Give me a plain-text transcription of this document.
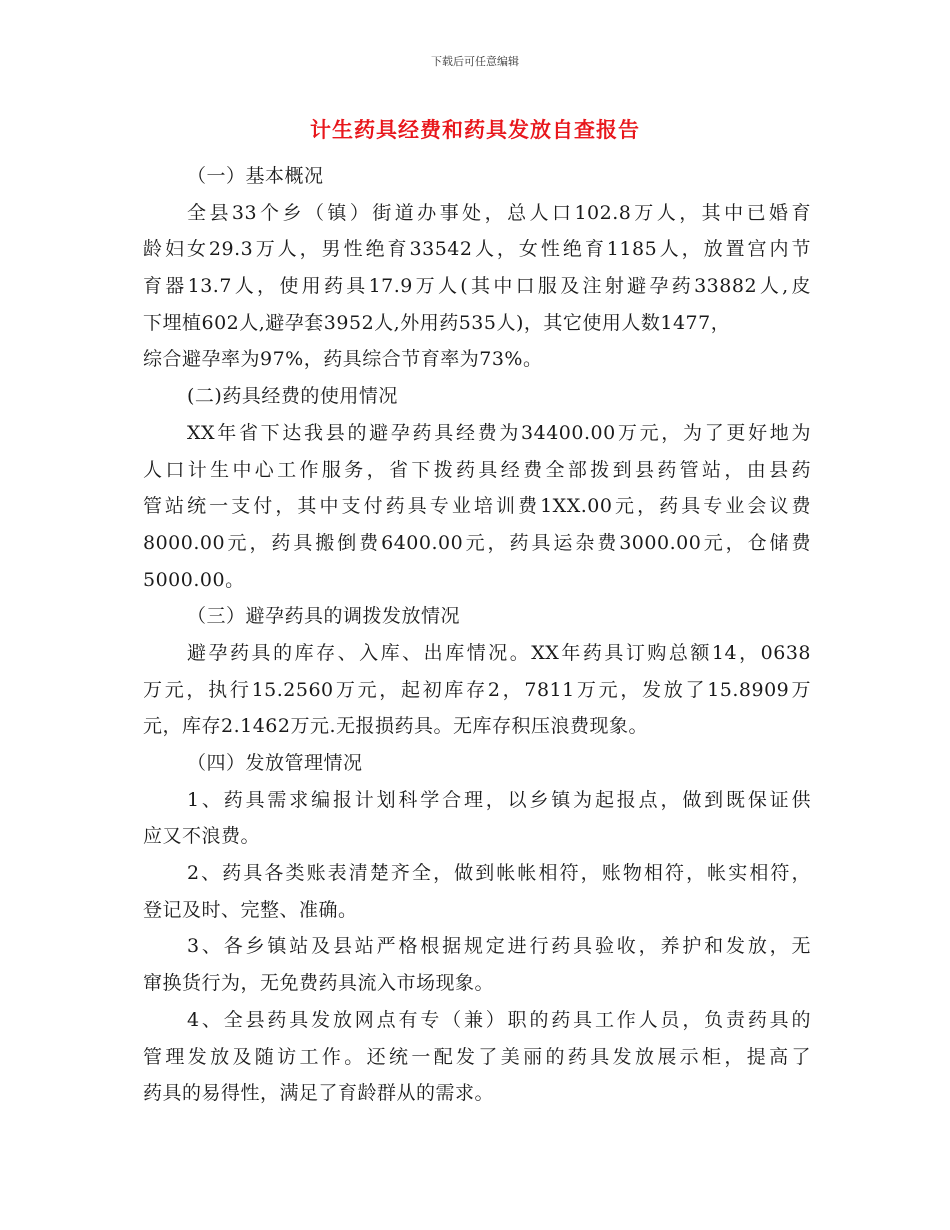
下载后可任意编辑
计生药具经费和药具发放自查报告
（一）基本概况
全县33个乡（镇）街道办事处，总人口102.8万人，其中已婚育
龄妇女29.3万人，男性绝育33542人，女性绝育1185人，放置宫内节
育器13.7人，使用药具17.9万人(其中口服及注射避孕药33882人,皮
下埋植602人,避孕套3952人,外用药535人)，其它使用人数1477，
综合避孕率为97%，药具综合节育率为73%。
(二)药具经费的使用情况
XX年省下达我县的避孕药具经费为34400.00万元，为了更好地为
人口计生中心工作服务，省下拨药具经费全部拨到县药管站，由县药
管站统一支付，其中支付药具专业培训费1XX.00元，药具专业会议费
8000.00元，药具搬倒费6400.00元，药具运杂费3000.00元，仓储费
5000.00。
（三）避孕药具的调拨发放情况
避孕药具的库存、入库、出库情况。XX年药具订购总额14，0638
万元，执行15.2560万元，起初库存2，7811万元，发放了15.8909万
元，库存2.1462万元.无报损药具。无库存积压浪费现象。
（四）发放管理情况
1、药具需求编报计划科学合理，以乡镇为起报点，做到既保证供
应又不浪费。
2、药具各类账表清楚齐全，做到帐帐相符，账物相符，帐实相符，
登记及时、完整、准确。
3、各乡镇站及县站严格根据规定进行药具验收，养护和发放，无
窜换货行为，无免费药具流入市场现象。
4、全县药具发放网点有专（兼）职的药具工作人员，负责药具的
管理发放及随访工作。还统一配发了美丽的药具发放展示柜，提高了
药具的易得性，满足了育龄群从的需求。
